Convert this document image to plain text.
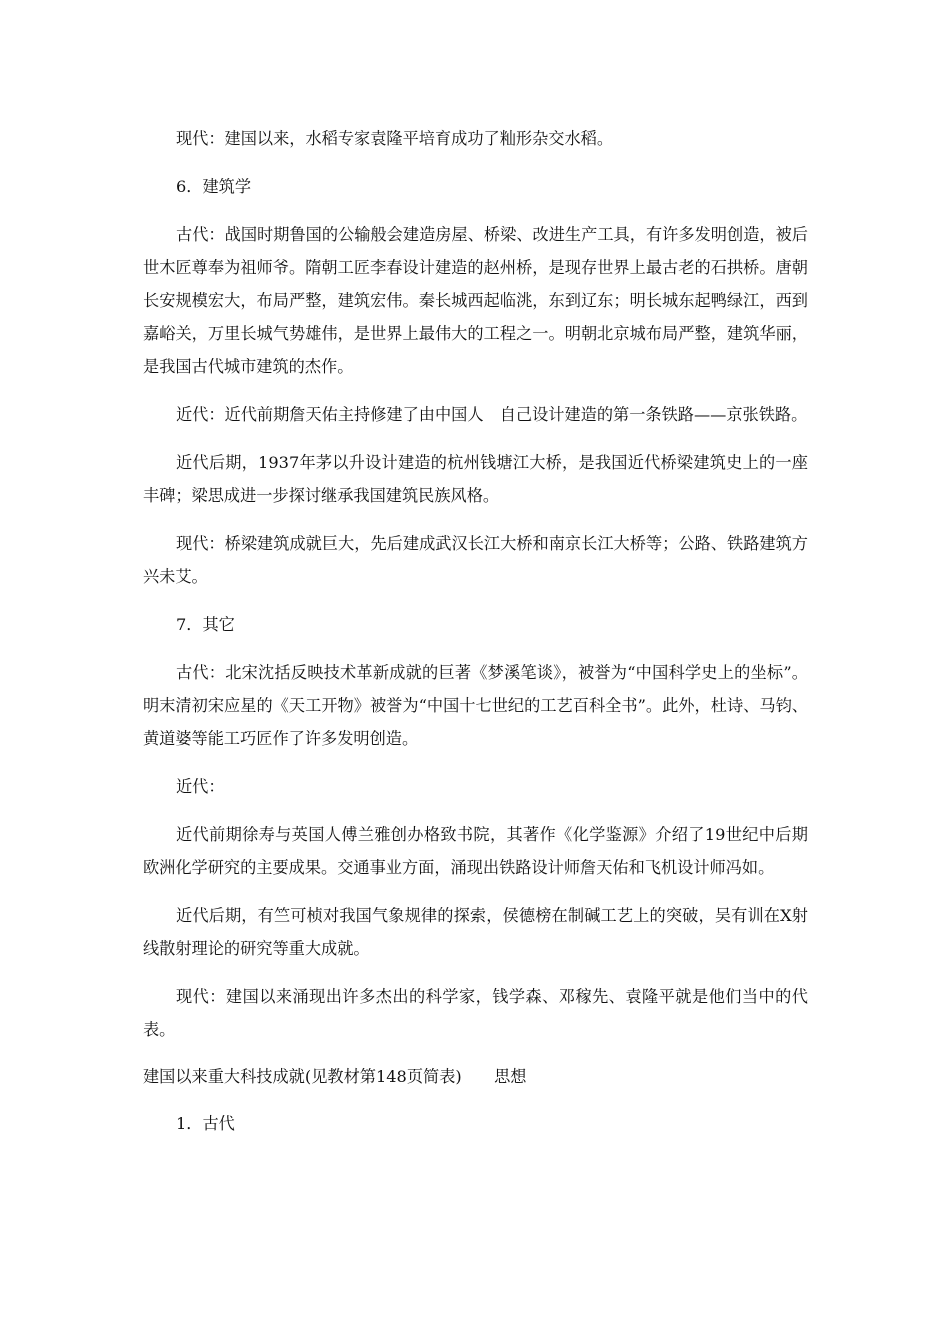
现代：建国以来，水稻专家袁隆平培育成功了籼形杂交水稻。

6．建筑学

古代：战国时期鲁国的公输般会建造房屋、桥梁、改进生产工具，有许多发明创造，被后世木匠尊奉为祖师爷。隋朝工匠李春设计建造的赵州桥，是现存世界上最古老的石拱桥。唐朝长安规模宏大，布局严整，建筑宏伟。秦长城西起临洮，东到辽东；明长城东起鸭绿江，西到嘉峪关，万里长城气势雄伟，是世界上最伟大的工程之一。明朝北京城布局严整，建筑华丽，是我国古代城市建筑的杰作。

近代：近代前期詹天佑主持修建了由中国人　自己设计建造的第一条铁路——京张铁路。

近代后期，1937年茅以升设计建造的杭州钱塘江大桥，是我国近代桥梁建筑史上的一座丰碑；梁思成进一步探讨继承我国建筑民族风格。

现代：桥梁建筑成就巨大，先后建成武汉长江大桥和南京长江大桥等；公路、铁路建筑方兴未艾。

7．其它

古代：北宋沈括反映技术革新成就的巨著《梦溪笔谈》，被誉为“中国科学史上的坐标”。明末清初宋应星的《天工开物》被誉为“中国十七世纪的工艺百科全书”。此外，杜诗、马钧、黄道婆等能工巧匠作了许多发明创造。

近代：

近代前期徐寿与英国人傅兰雅创办格致书院，其著作《化学鉴源》介绍了19世纪中后期欧洲化学研究的主要成果。交通事业方面，涌现出铁路设计师詹天佑和飞机设计师冯如。

近代后期，有竺可桢对我国气象规律的探索，侯德榜在制碱工艺上的突破，吴有训在X射线散射理论的研究等重大成就。

现代：建国以来涌现出许多杰出的科学家，钱学森、邓稼先、袁隆平就是他们当中的代表。

建国以来重大科技成就(见教材第148页简表)　　思想

1．古代
